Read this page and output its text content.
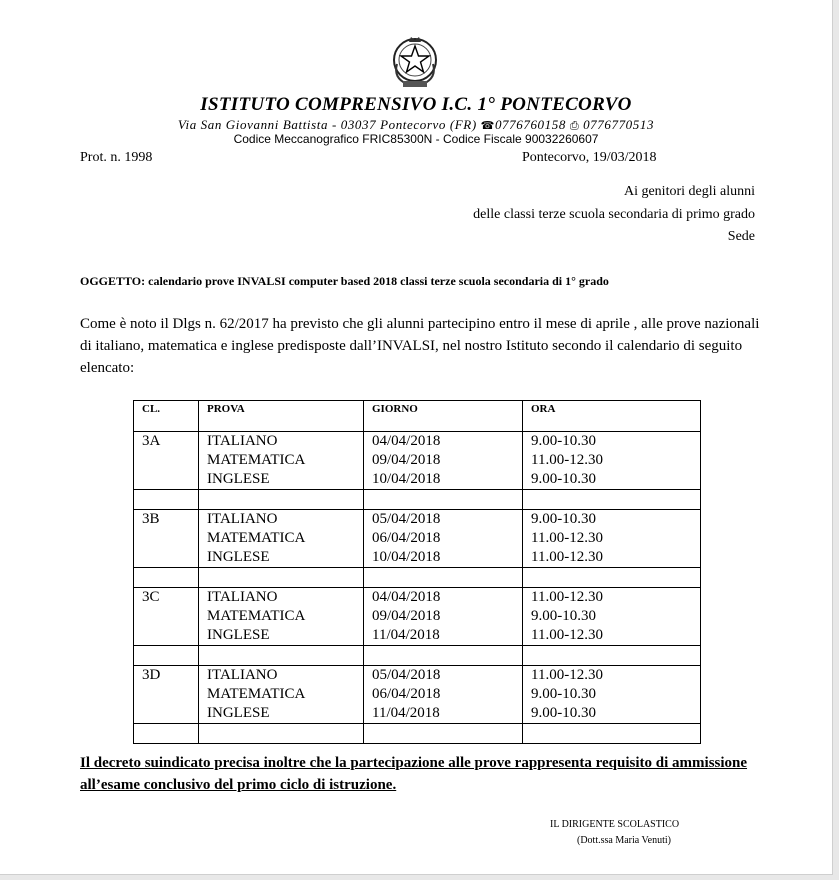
ISTITUTO COMPRENSIVO I.C. 1° PONTECORVO
Via San Giovanni Battista - 03037 Pontecorvo (FR) ☎0776760158 ⎙ 0776770513
Codice Meccanografico FRIC85300N - Codice Fiscale 90032260607
Prot. n. 1998	Pontecorvo, 19/03/2018
Ai genitori degli alunni
delle classi terze scuola secondaria di primo grado
Sede
OGGETTO: calendario prove INVALSI computer based 2018 classi terze scuola secondaria di 1° grado
Come è noto il Dlgs n. 62/2017 ha previsto che gli alunni partecipino entro il mese di aprile , alle prove nazionali di italiano, matematica e inglese predisposte dall’INVALSI, nel nostro Istituto secondo il calendario di seguito elencato:
CL.	PROVA	GIORNO	ORA
3A	ITALIANO	04/04/2018	9.00-10.30
	MATEMATICA	09/04/2018	11.00-12.30
	INGLESE	10/04/2018	9.00-10.30

3B	ITALIANO	05/04/2018	9.00-10.30
	MATEMATICA	06/04/2018	11.00-12.30
	INGLESE	10/04/2018	11.00-12.30

3C	ITALIANO	04/04/2018	11.00-12.30
	MATEMATICA	09/04/2018	9.00-10.30
	INGLESE	11/04/2018	11.00-12.30

3D	ITALIANO	05/04/2018	11.00-12.30
	MATEMATICA	06/04/2018	9.00-10.30
	INGLESE	11/04/2018	9.00-10.30

Il decreto suindicato precisa inoltre che la partecipazione alle prove rappresenta requisito di ammissione all’esame conclusivo del primo ciclo di istruzione.
IL DIRIGENTE SCOLASTICO
(Dott.ssa Maria Venuti)
